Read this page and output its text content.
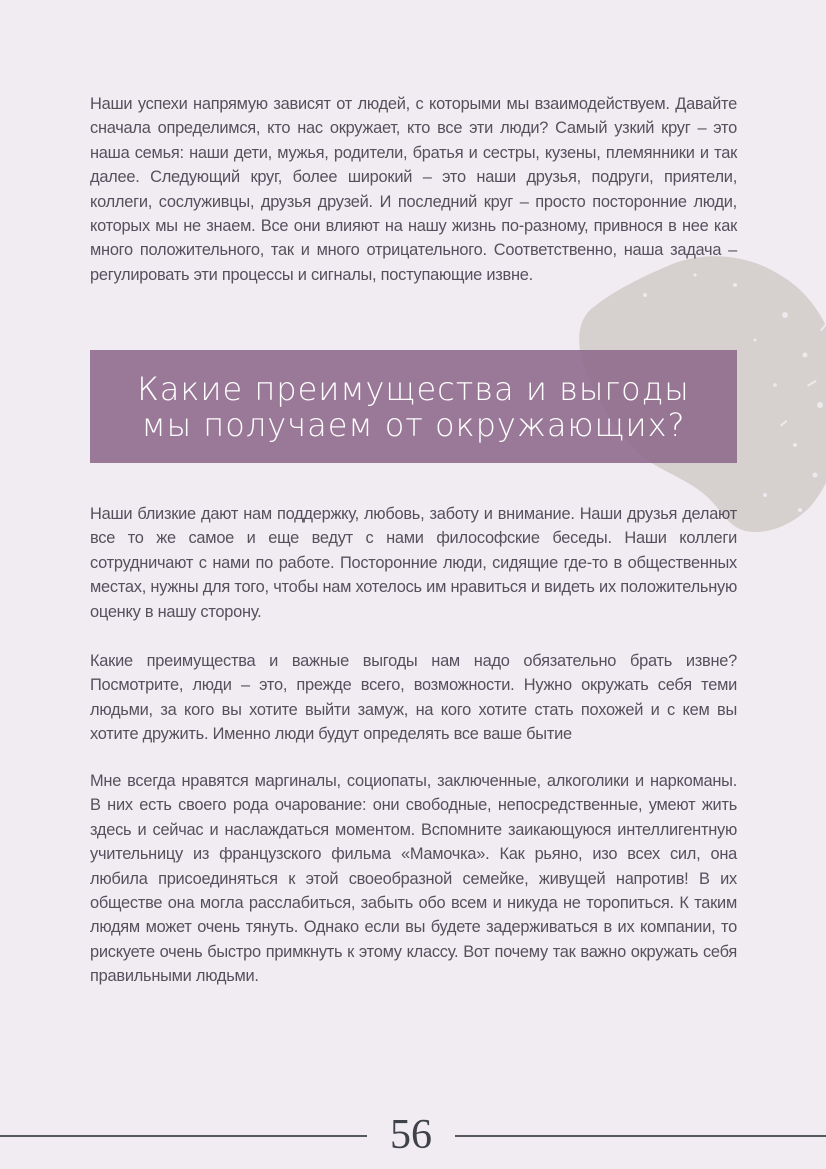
Наши успехи напрямую зависят от людей, с которыми мы взаимодействуем. Давайте сначала определимся, кто нас окружает, кто все эти люди? Самый узкий круг – это наша семья: наши дети, мужья, родители, братья и сестры, кузены, племянники и так далее. Следующий круг, более широкий – это наши друзья, подруги, приятели, коллеги, сослуживцы, друзья друзей. И последний круг – просто посторонние люди, которых мы не знаем. Все они влияют на нашу жизнь по-разному, привнося в нее как много положительного, так и много отрицательного. Соответственно, наша задача – регулировать эти процессы и сигналы, поступающие извне.

Какие преимущества и выгоды
мы получаем от окружающих?

Наши близкие дают нам поддержку, любовь, заботу и внимание. Наши друзья делают все то же самое и еще ведут с нами философские беседы. Наши коллеги сотрудничают с нами по работе. Посторонние люди, сидящие где-то в общественных местах, нужны для того, чтобы нам хотелось им нравиться и видеть их положительную оценку в нашу сторону.

Какие преимущества и важные выгоды нам надо обязательно брать извне? Посмотрите, люди – это, прежде всего, возможности. Нужно окружать себя теми людьми, за кого вы хотите выйти замуж, на кого хотите стать похожей и с кем вы хотите дружить. Именно люди будут определять все ваше бытие

Мне всегда нравятся маргиналы, социопаты, заключенные, алкоголики и наркоманы. В них есть своего рода очарование: они свободные, непосредственные, умеют жить здесь и сейчас и наслаждаться моментом. Вспомните заикающуюся интеллигентную учительницу из французского фильма «Мамочка». Как рьяно, изо всех сил, она любила присоединяться к этой своеобразной семейке, живущей напротив! В их обществе она могла расслабиться, забыть обо всем и никуда не торопиться. К таким людям может очень тянуть. Однако если вы будете задерживаться в их компании, то рискуете очень быстро примкнуть к этому классу. Вот почему так важно окружать себя правильными людьми.

56
